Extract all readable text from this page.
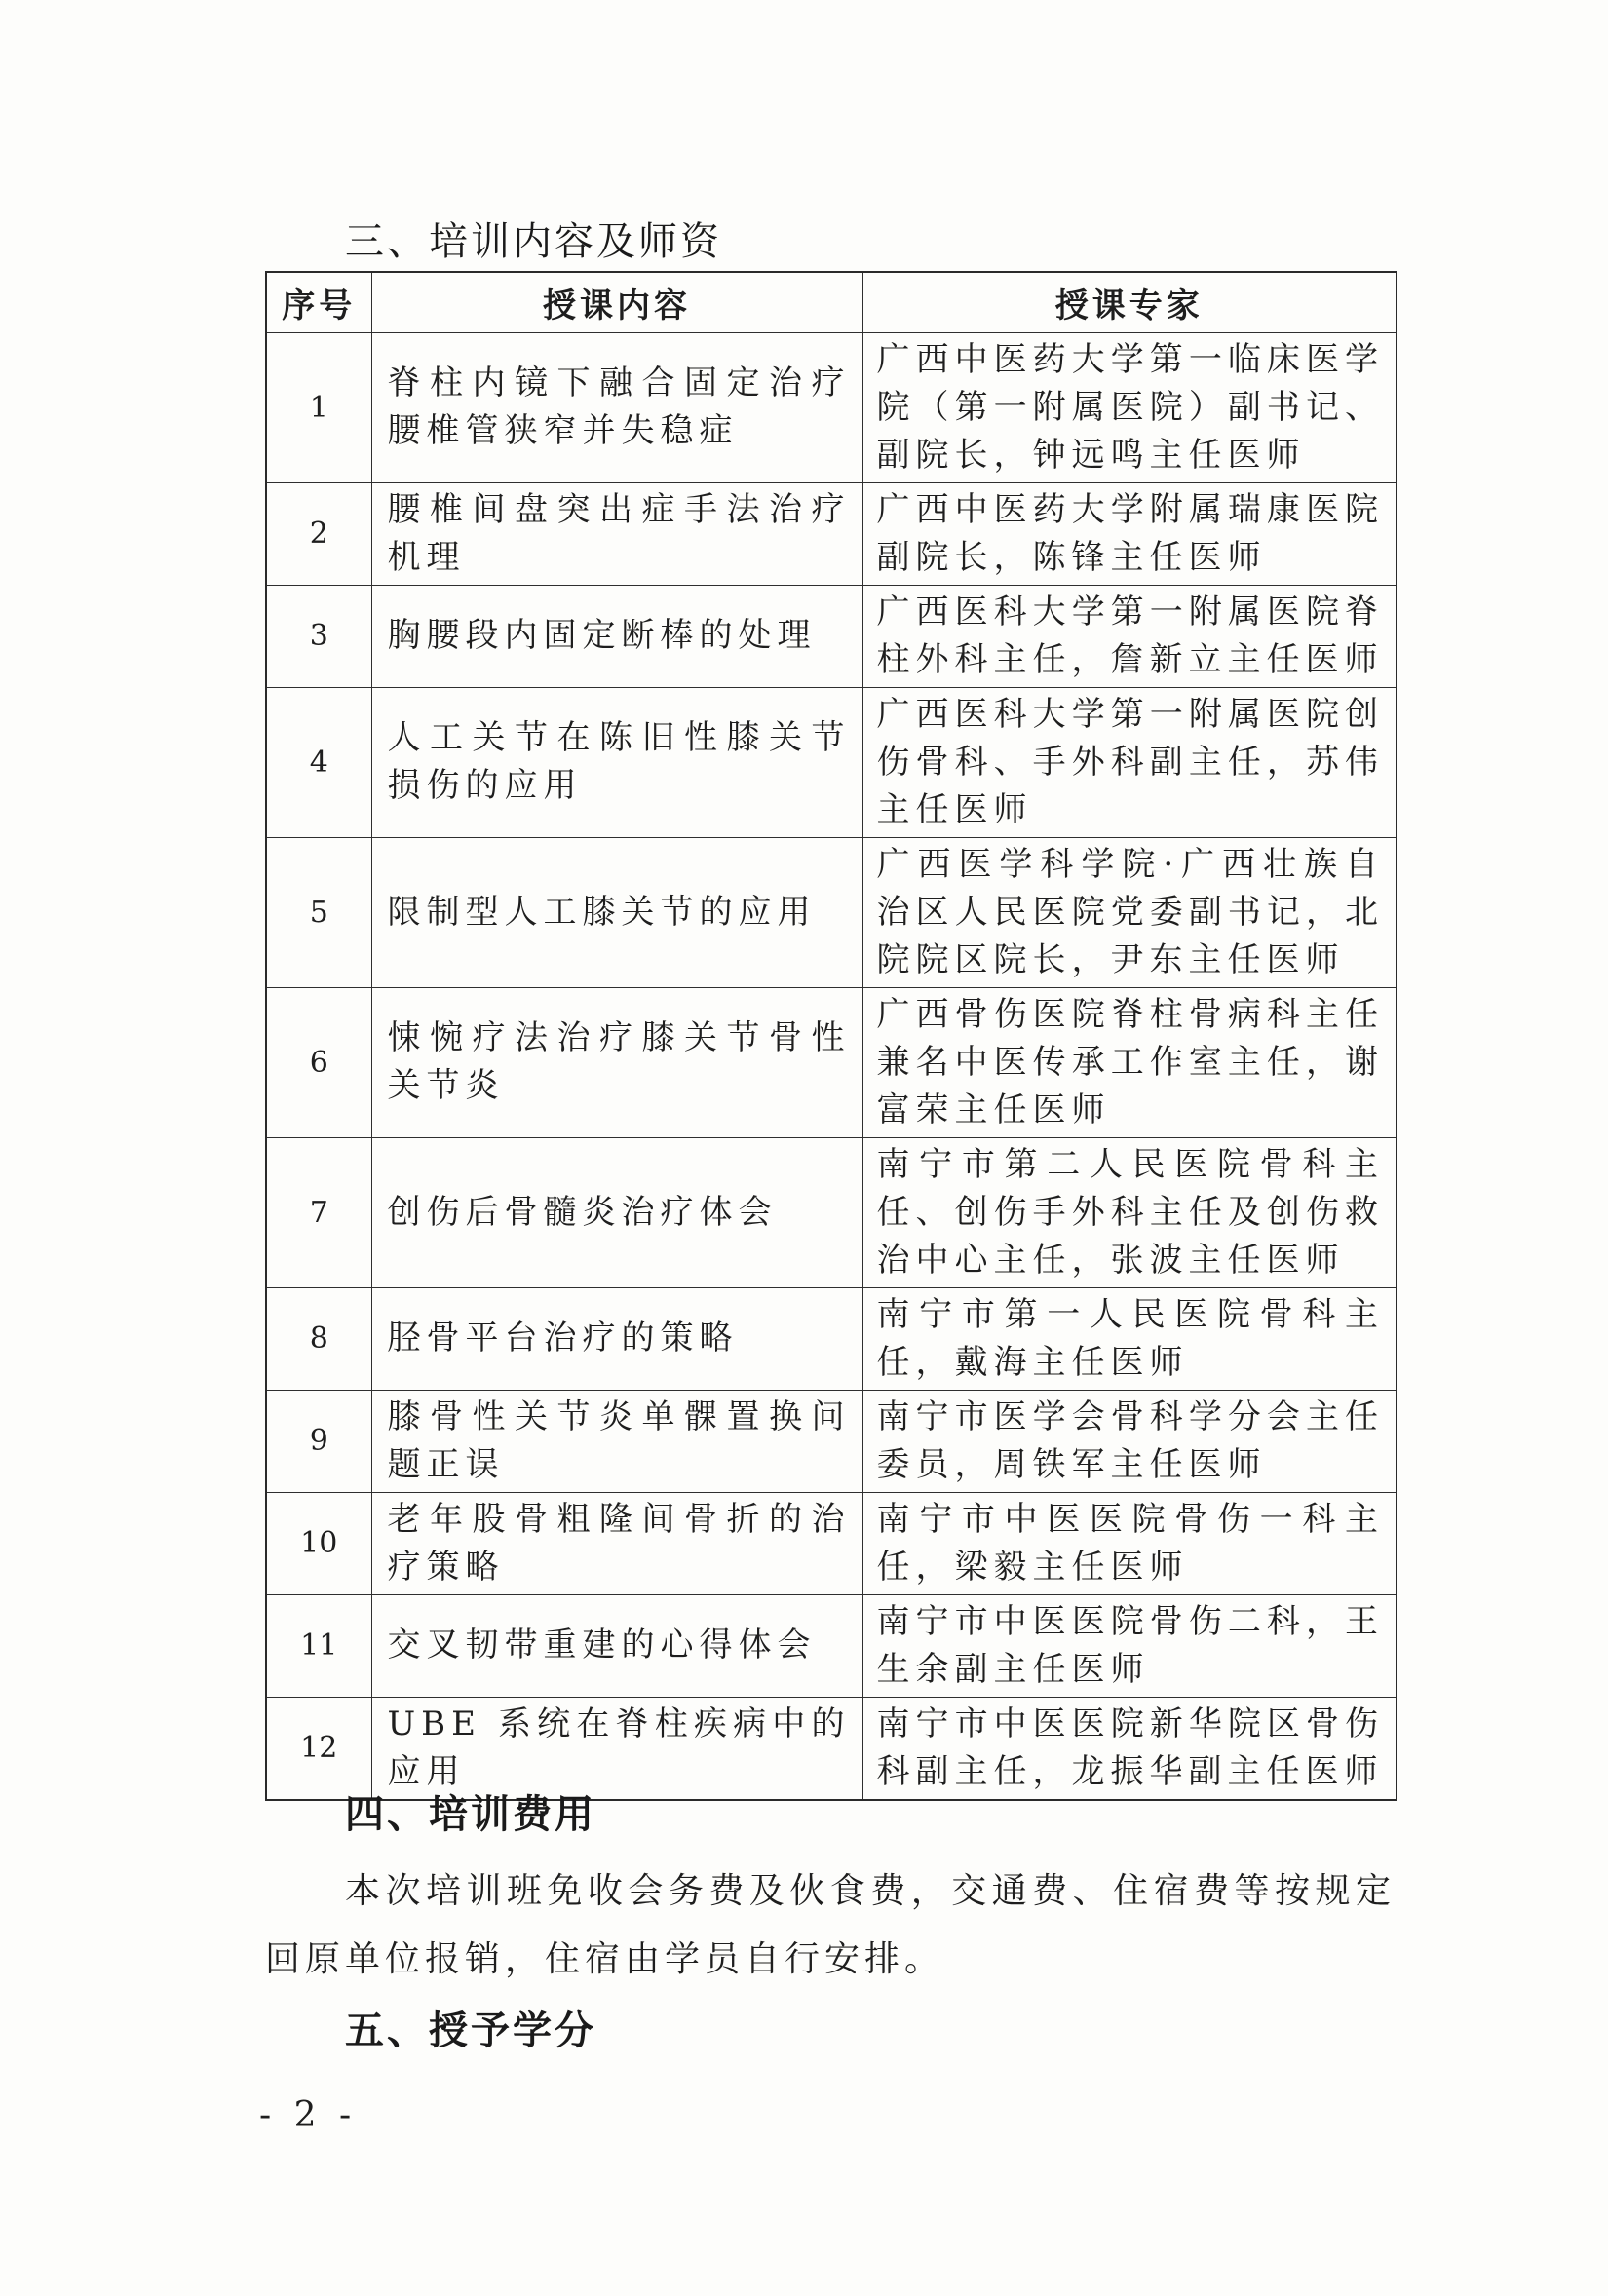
三、培训内容及师资
序号	授课内容	授课专家
1	脊柱内镜下融合固定治疗腰椎管狭窄并失稳症	广西中医药大学第一临床医学院（第一附属医院）副书记、副院长，钟远鸣主任医师
2	腰椎间盘突出症手法治疗机理	广西中医药大学附属瑞康医院副院长，陈锋主任医师
3	胸腰段内固定断棒的处理	广西医科大学第一附属医院脊柱外科主任，詹新立主任医师
4	人工关节在陈旧性膝关节损伤的应用	广西医科大学第一附属医院创伤骨科、手外科副主任，苏伟主任医师
5	限制型人工膝关节的应用	广西医学科学院·广西壮族自治区人民医院党委副书记，北院院区院长，尹东主任医师
6	悚惋疗法治疗膝关节骨性关节炎	广西骨伤医院脊柱骨病科主任兼名中医传承工作室主任，谢富荣主任医师
7	创伤后骨髓炎治疗体会	南宁市第二人民医院骨科主任、创伤手外科主任及创伤救治中心主任，张波主任医师
8	胫骨平台治疗的策略	南宁市第一人民医院骨科主任，戴海主任医师
9	膝骨性关节炎单髁置换问题正误	南宁市医学会骨科学分会主任委员，周铁军主任医师
10	老年股骨粗隆间骨折的治疗策略	南宁市中医医院骨伤一科主任，梁毅主任医师
11	交叉韧带重建的心得体会	南宁市中医医院骨伤二科，王生余副主任医师
12	UBE 系统在脊柱疾病中的应用	南宁市中医医院新华院区骨伤科副主任，龙振华副主任医师
四、培训费用
本次培训班免收会务费及伙食费，交通费、住宿费等按规定回原单位报销，住宿由学员自行安排。
五、授予学分
- 2 -
